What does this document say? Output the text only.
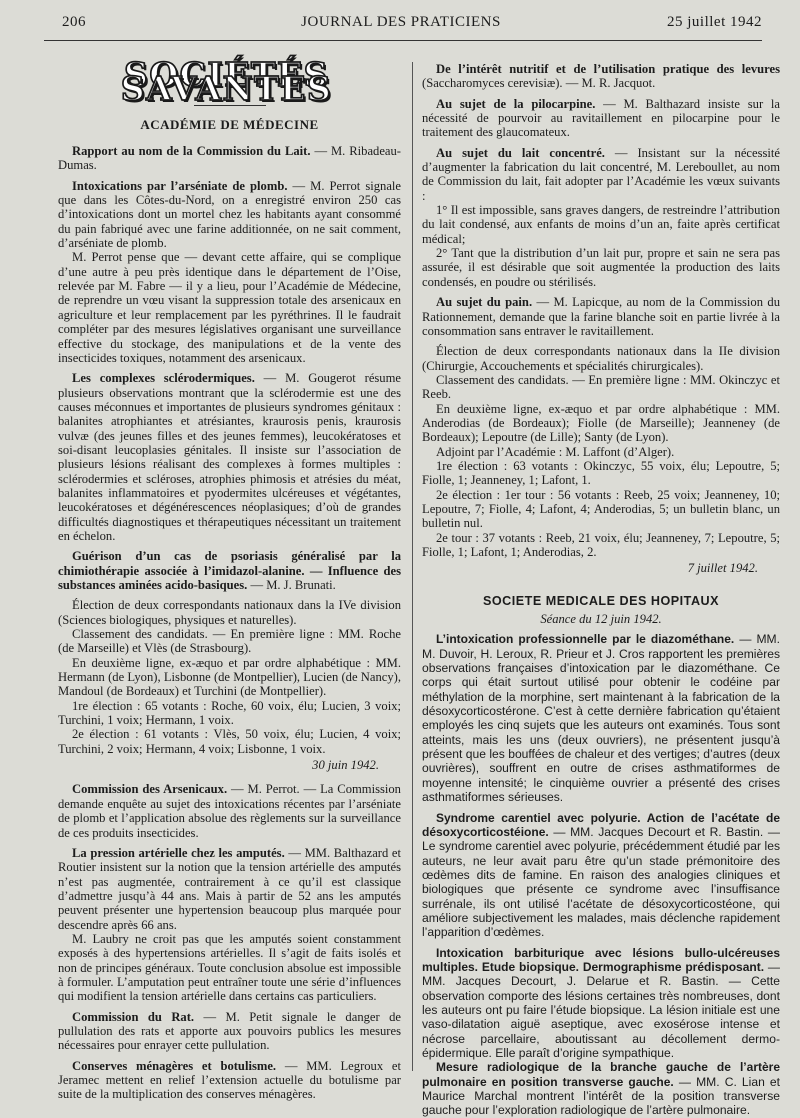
JOURNAL DES PRATICIENS
206	25 juillet 1942
SOCIÉTÉS SAVANTES
ACADÉMIE DE MÉDECINE

Rapport au nom de la Commission du Lait. — M. Ribadeau-Dumas.

Intoxications par l’arséniate de plomb. — M. Perrot signale que dans les Côtes-du-Nord, on a enregistré environ 250 cas d’intoxications dont un mortel chez les habitants ayant consommé du pain fabriqué avec une farine additionnée, on ne sait comment, d’arséniate de plomb.

M. Perrot pense que — devant cette affaire, qui se complique d’une autre à peu près identique dans le département de l’Oise, relevée par M. Fabre — il y a lieu, pour l’Académie de Médecine, de reprendre un vœu visant la suppression totale des arsenicaux en agriculture et leur remplacement par les pyréthrines. Il le faudrait compléter par des mesures législatives organisant une surveillance effective du stockage, des manipulations et de la vente des insecticides toxiques, notamment des arsenicaux.

Les complexes sclérodermiques. — M. Gougerot résume plusieurs observations montrant que la sclérodermie est une des causes méconnues et importantes de plusieurs syndromes génitaux : balanites atrophiantes et atrésiantes, kraurosis penis, kraurosis vulvæ (des jeunes filles et des jeunes femmes), leucokératoses et soi-disant leucoplasies génitales. Il insiste sur l’association de plusieurs lésions réalisant des complexes à formes multiples : sclérodermies et scléroses, atrophies phimosis et atrésies du méat, balanites inflammatoires et pyodermites ulcéreuses et végétantes, leucokératoses et dégénérescences néoplasiques; d’où de grandes difficultés diagnostiques et thérapeutiques nécessitant un traitement en échelon.

Guérison d’un cas de psoriasis généralisé par la chimiothérapie associée à l’imidazol-alanine. — Influence des substances aminées acido-basiques. — M. J. Brunati.

Élection de deux correspondants nationaux dans la IVe division (Sciences biologiques, physiques et naturelles).

Classement des candidats. — En première ligne : MM. Roche (de Marseille) et Vlès (de Strasbourg).

En deuxième ligne, ex-æquo et par ordre alphabétique : MM. Hermann (de Lyon), Lisbonne (de Montpellier), Lucien (de Nancy), Mandoul (de Bordeaux) et Turchini (de Montpellier).

1re élection : 65 votants : Roche, 60 voix, élu; Lucien, 3 voix; Turchini, 1 voix; Hermann, 1 voix.

2e élection : 61 votants : Vlès, 50 voix, élu; Lucien, 4 voix; Turchini, 2 voix; Hermann, 4 voix; Lisbonne, 1 voix.

30 juin 1942.

Commission des Arsenicaux. — M. Perrot. — La Commission demande enquête au sujet des intoxications récentes par l’arséniate de plomb et l’application absolue des règlements sur la surveillance de ces produits insecticides.

La pression artérielle chez les amputés. — MM. Balthazard et Routier insistent sur la notion que la tension artérielle des amputés n’est pas augmentée, contrairement à ce qu’il est classique d’admettre jusqu’à 44 ans. Mais à partir de 52 ans les amputés peuvent présenter une hypertension beaucoup plus marquée pour descendre après 66 ans.

M. Laubry ne croit pas que les amputés soient constamment exposés à des hypertensions artérielles. Il s’agit de faits isolés et non de principes généraux. Toute conclusion absolue est impossible à formuler. L’amputation peut entraîner toute une série d’influences qui modifient la tension artérielle dans certains cas particuliers.

Commission du Rat. — M. Petit signale le danger de pullulation des rats et apporte aux pouvoirs publics les mesures nécessaires pour enrayer cette pullulation.

Conserves ménagères et botulisme. — MM. Legroux et Jeramec mettent en relief l’extension actuelle du botulisme par suite de la multiplication des conserves ménagères.

De l’intérêt nutritif et de l’utilisation pratique des levures (Saccharomyces cerevisiæ). — M. R. Jacquot.

Au sujet de la pilocarpine. — M. Balthazard insiste sur la nécessité de pourvoir au ravitaillement en pilocarpine pour le traitement des glaucomateux.

Au sujet du lait concentré. — Insistant sur la nécessité d’augmenter la fabrication du lait concentré, M. Lereboullet, au nom de Commission du lait, fait adopter par l’Académie les vœux suivants :

1° Il est impossible, sans graves dangers, de restreindre l’attribution du lait condensé, aux enfants de moins d’un an, faite après certificat médical;

2° Tant que la distribution d’un lait pur, propre et sain ne sera pas assurée, il est désirable que soit augmentée la production des laits condensés, en poudre ou stérilisés.

Au sujet du pain. — M. Lapicque, au nom de la Commission du Rationnement, demande que la farine blanche soit en partie livrée à la consommation sans entraver le ravitaillement.

Élection de deux correspondants nationaux dans la IIe division (Chirurgie, Accouchements et spécialités chirurgicales).

Classement des candidats. — En première ligne : MM. Okinczyc et Reeb.

En deuxième ligne, ex-æquo et par ordre alphabétique : MM. Anderodias (de Bordeaux); Fiolle (de Marseille); Jeanneney (de Bordeaux); Lepoutre (de Lille); Santy (de Lyon).

Adjoint par l’Académie : M. Laffont (d’Alger).

1re élection : 63 votants : Okinczyc, 55 voix, élu; Lepoutre, 5; Fiolle, 1; Jeanneney, 1; Lafont, 1.

2e élection : 1er tour : 56 votants : Reeb, 25 voix; Jeanneney, 10; Lepoutre, 7; Fiolle, 4; Lafont, 4; Anderodias, 5; un bulletin blanc, un bulletin nul.

2e tour : 37 votants : Reeb, 21 voix, élu; Jeanneney, 7; Lepoutre, 5; Fiolle, 1; Lafont, 1; Anderodias, 2.

7 juillet 1942.
SOCIETE MEDICALE DES HOPITAUX
Séance du 12 juin 1942.

L’intoxication professionnelle par le diazométhane. — MM. M. Duvoir, H. Leroux, R. Prieur et J. Cros rapportent les premières observations françaises d’intoxication par le diazométhane. Ce corps qui était surtout utilisé pour obtenir le codéine par méthylation de la morphine, sert maintenant à la fabrication de la désoxycorticostérone. C’est à cette dernière fabrication qu’étaient employés les cinq sujets que les auteurs ont examinés. Tous sont atteints, mais les uns (deux ouvriers), ne présentent jusqu’à présent que les bouffées de chaleur et des vertiges; d’autres (deux ouvrières), souffrent en outre de crises asthmatiformes de moyenne intensité; le cinquième ouvrier a présenté des crises asthmatiformes sérieuses.

Syndrome carentiel avec polyurie. Action de l’acétate de désoxycorticostéione. — MM. Jacques Decourt et R. Bastin. — Le syndrome carentiel avec polyurie, précédemment étudié par les auteurs, ne leur avait paru être qu’un stade prémonitoire des œdèmes dits de famine. En raison des analogies cliniques et biologiques que présente ce syndrome avec l’insuffisance surrénale, ils ont utilisé l’acétate de désoxycorticostéone, qui améliore subjectivement les malades, mais déclenche rapidement l’apparition d’œdèmes.

Intoxication barbiturique avec lésions bullo-ulcéreuses multiples. Etude biopsique. Dermographisme prédisposant. — MM. Jacques Decourt, J. Delarue et R. Bastin. — Cette observation comporte des lésions certaines très nombreuses, dont les auteurs ont pu faire l’étude biopsique. La lésion initiale est une vaso-dilatation aiguë aseptique, avec exosérose intense et nécrose parcellaire, aboutissant au décollement dermo-épidermique. Elle paraît d’origine sympathique.

Mesure radiologique de la branche gauche de l’artère pulmonaire en position transverse gauche. — MM. C. Lian et Maurice Marchal montrent l’intérêt de la position transverse gauche pour l’exploration radiologique de l’artère pulmonaire.
